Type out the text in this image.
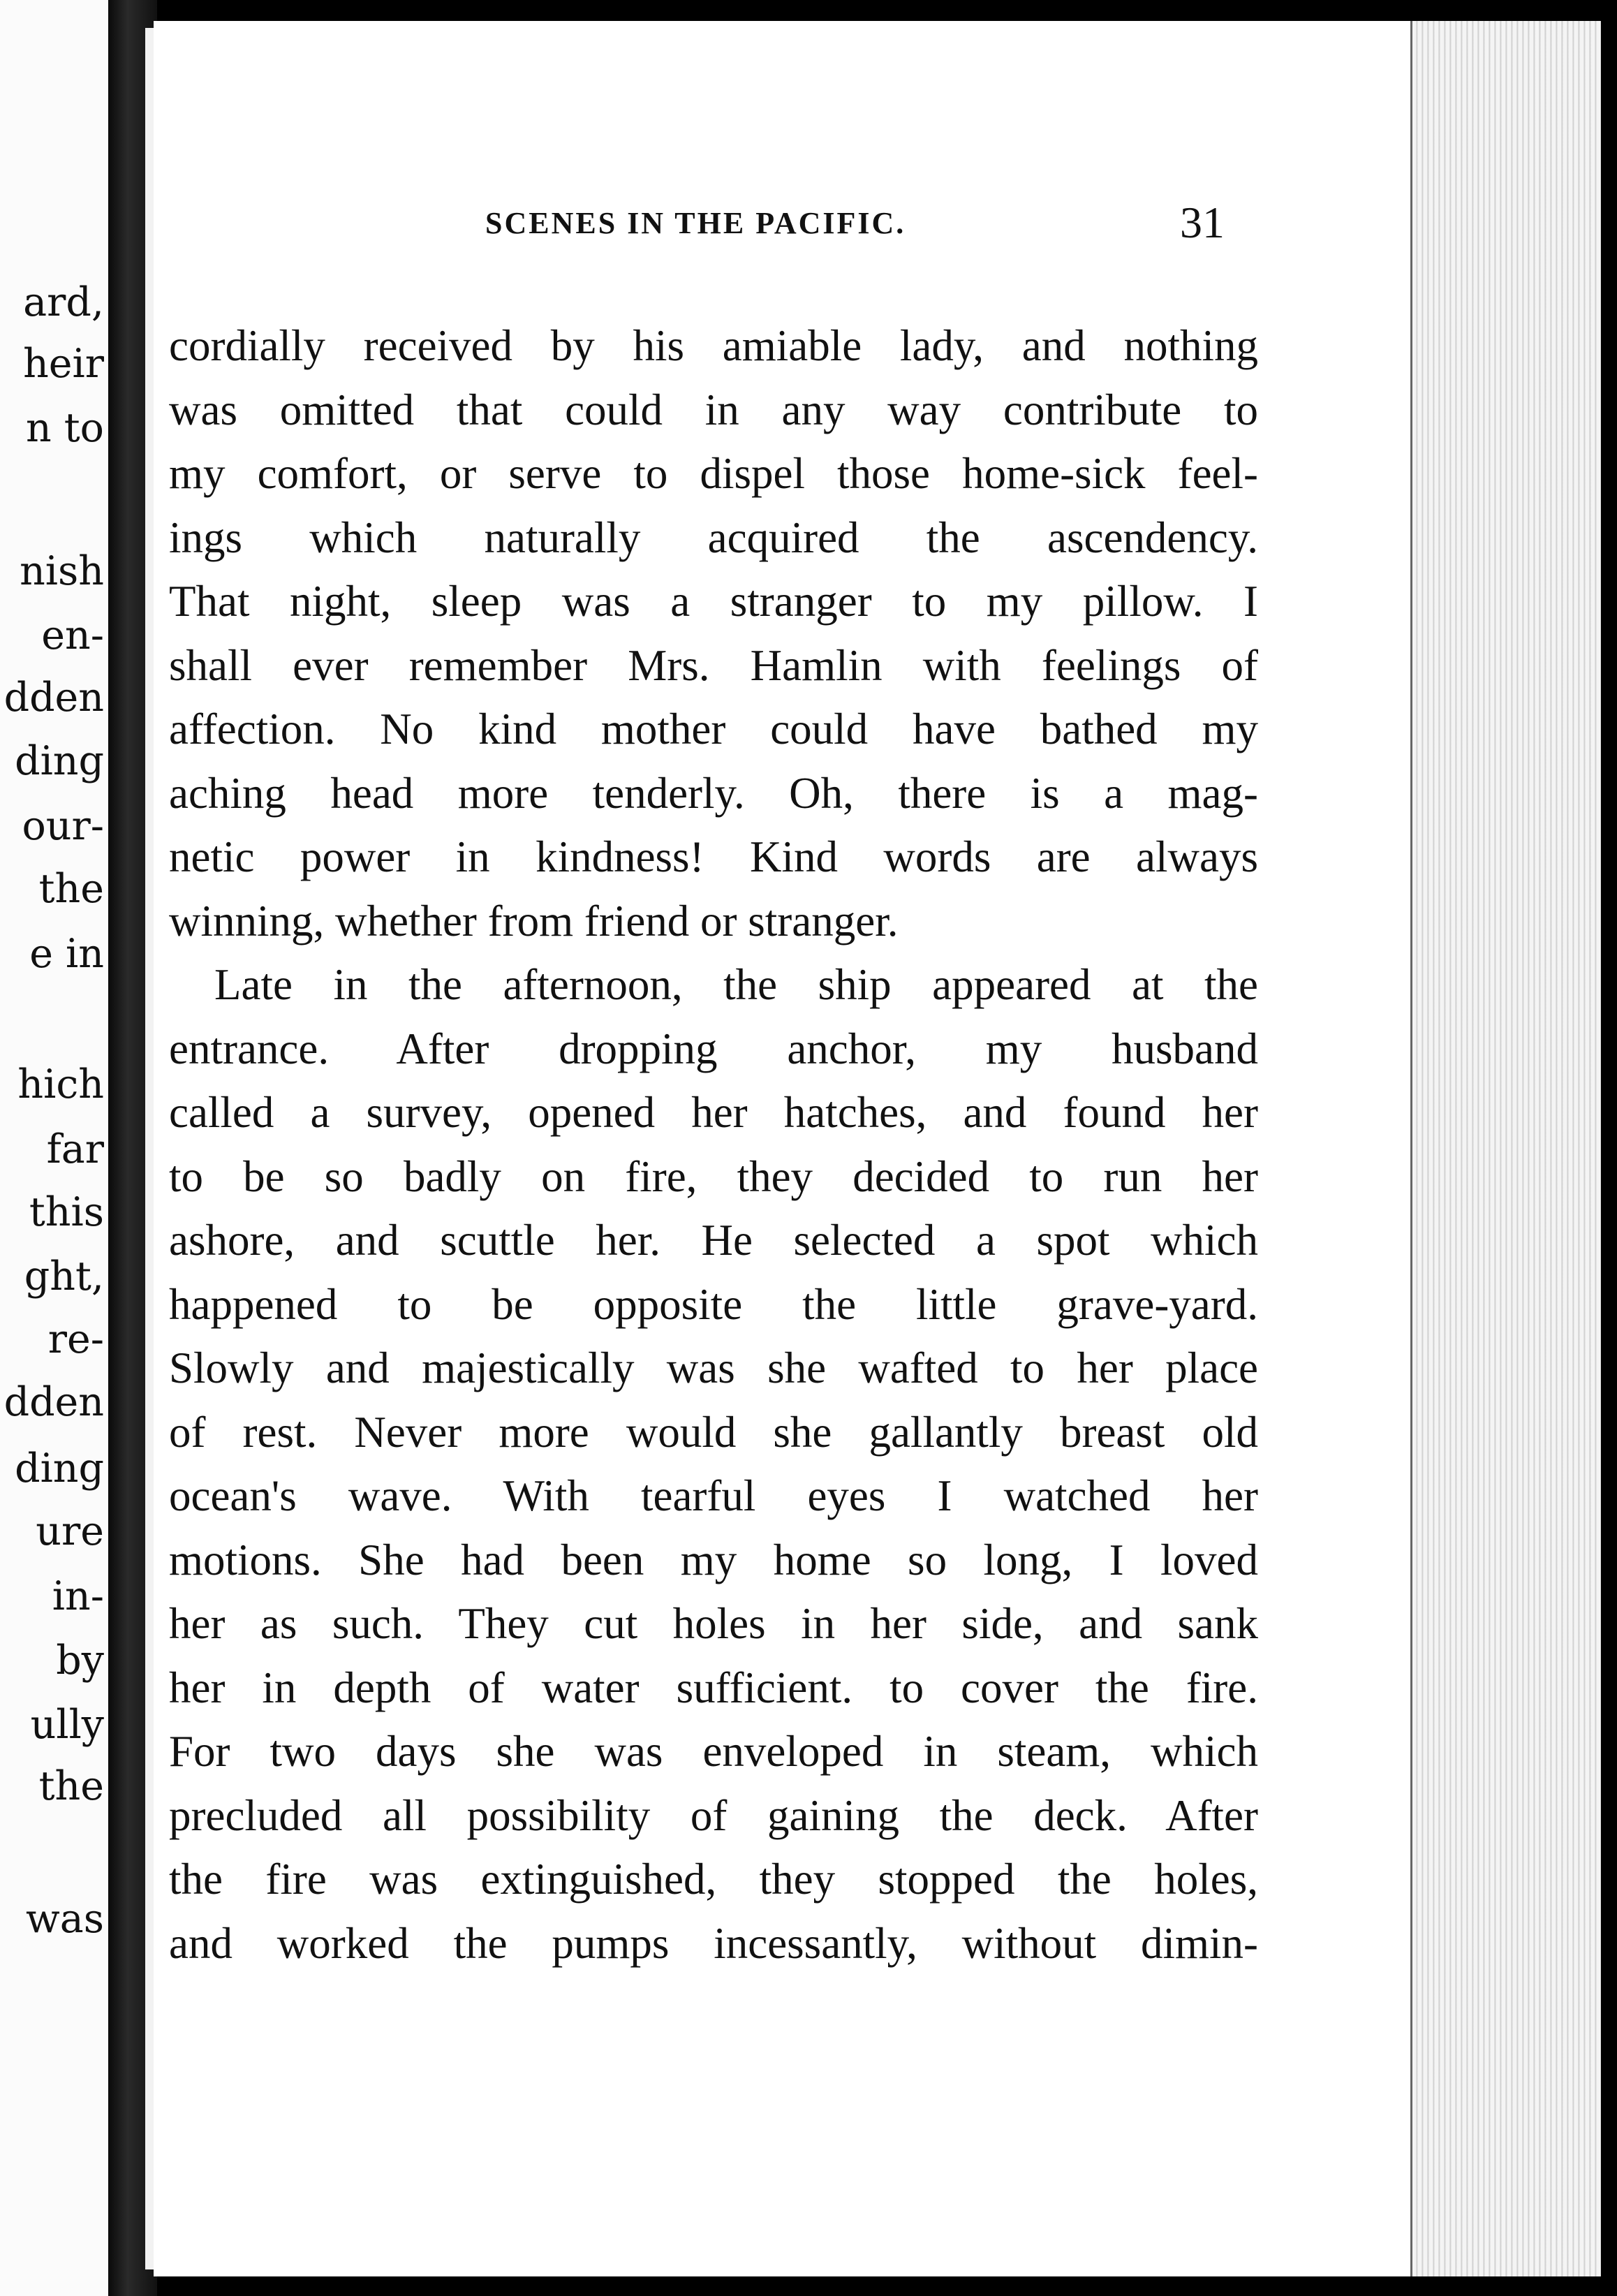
ard,
heir
n to
nish
en-
dden
ding
our-
the
e in
hich
far
this
ght,
re-
dden
ding
ure
in-
by
ully
the
was
SCENES IN THE PACIFIC.	31
cordially received by his amiable lady, and nothing
was omitted that could in any way contribute to
my comfort, or serve to dispel those home-sick feel-
ings which naturally acquired the ascendency.
That night, sleep was a stranger to my pillow. I
shall ever remember Mrs. Hamlin with feelings of
affection. No kind mother could have bathed my
aching head more tenderly. Oh, there is a mag-
netic power in kindness! Kind words are always
winning, whether from friend or stranger.
Late in the afternoon, the ship appeared at the
entrance. After dropping anchor, my husband
called a survey, opened her hatches, and found her
to be so badly on fire, they decided to run her
ashore, and scuttle her. He selected a spot which
happened to be opposite the little grave-yard.
Slowly and majestically was she wafted to her place
of rest. Never more would she gallantly breast old
ocean's wave. With tearful eyes I watched her
motions. She had been my home so long, I loved
her as such. They cut holes in her side, and sank
her in depth of water sufficient. to cover the fire.
For two days she was enveloped in steam, which
precluded all possibility of gaining the deck. After
the fire was extinguished, they stopped the holes,
and worked the pumps incessantly, without dimin-
